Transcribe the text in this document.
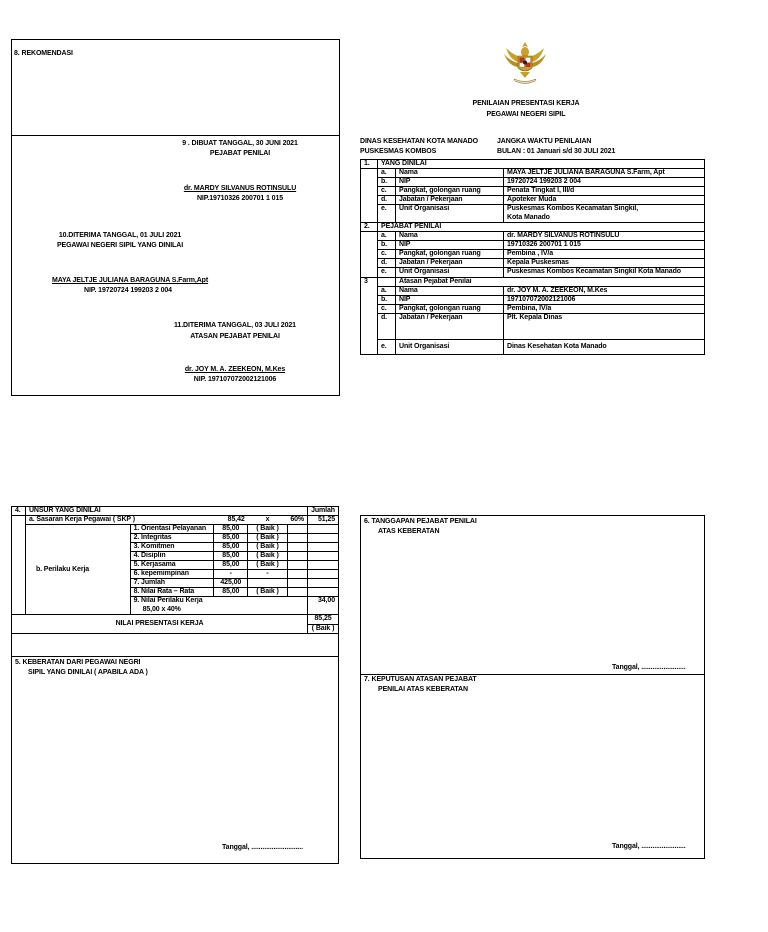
8. REKOMENDASI
9 . DIBUAT TANGGAL, 30 JUNI 2021
PEJABAT PENILAI
dr. MARDY SILVANUS ROTINSULU
NIP.19710326 200701 1 015
10.DITERIMA TANGGAL, 01 JULI 2021
PEGAWAI NEGERI SIPIL YANG DINILAI
MAYA JELTJE JULIANA BARAGUNA S.Farm,Apt
NIP. 19720724 199203 2 004
11.DITERIMA TANGGAL, 03 JULI 2021
ATASAN PEJABAT PENILAI
dr. JOY M. A. ZEEKEON, M.Kes
NIP. 197107072002121006
PENILAIAN PRESENTASI KERJA
PEGAWAI NEGERI SIPIL
DINAS KESEHATAN KOTA MANADO
PUSKESMAS KOMBOS
JANGKA WAKTU PENILAIAN
BULAN : 01 Januari s/d 30 JULI 2021
1.	YANG DINILAI		
	a.	Nama	MAYA JELTJE JULIANA BARAGUNA S.Farm, Apt
	b.	NIP	19720724 199203 2 004
	c.	Pangkat, golongan ruang	Penata Tingkat I, III/d
	d.	Jabatan / Pekerjaan	Apoteker Muda
	e.	Unit Organisasi	Puskesmas Kombos Kecamatan Singkil,
			Kota Manado
2.	PEJABAT PENILAI		
	a.	Nama	dr. MARDY SILVANUS ROTINSULU
	b.	NIP	19710326 200701 1 015
	c.	Pangkat, golongan ruang	Pembina , IV/a
	d.	Jabatan / Pekerjaan	Kepala Puskesmas
	e.	Unit Organisasi	Puskesmas Kombos Kecamatan Singkil Kota Manado
3		Atasan Pejabat Penilai	
	a.	Nama	dr. JOY M. A. ZEEKEON, M.Kes
	b.	NIP	197107072002121006
	c.	Pangkat, golongan ruang	Pembina, IV/a
	d.	Jabatan / Pekerjaan	Plt. Kepala Dinas
	e.	Unit Organisasi	Dinas Kesehatan Kota Manado
4.	UNSUR YANG DINILAI					Jumlah
	a. Sasaran Kerja Pegawai ( SKP )		85,42	x	60%	51,25
	b. Perilaku Kerja	1. Orientasi Pelayanan	85,00	( Baik )		
		2. Integritas	85,00	( Baik )		
		3. Komitmen	85,00	( Baik )		
		4. Disiplin	85,00	( Baik )		
		5. Kerjasama	85,00	( Baik )		
		6. kepemimpinan	-	-		
		7. Jumlah	425,00			
		8. Nilai Rata – Rata	85,00	( Baik )		
		9. Nilai Perilaku Kerja				34,00
		85,00 x 40%				
NILAI PRESENTASI KERJA						85,25
						( Baik )
5. KEBERATAN DARI PEGAWAI NEGRI
SIPIL YANG DINILAI ( APABILA ADA )
Tanggal, ............................
6. TANGGAPAN PEJABAT PENILAI
ATAS KEBERATAN
Tanggal, ........................
7. KEPUTUSAN ATASAN PEJABAT
PENILAI ATAS KEBERATAN
Tanggal, ........................
